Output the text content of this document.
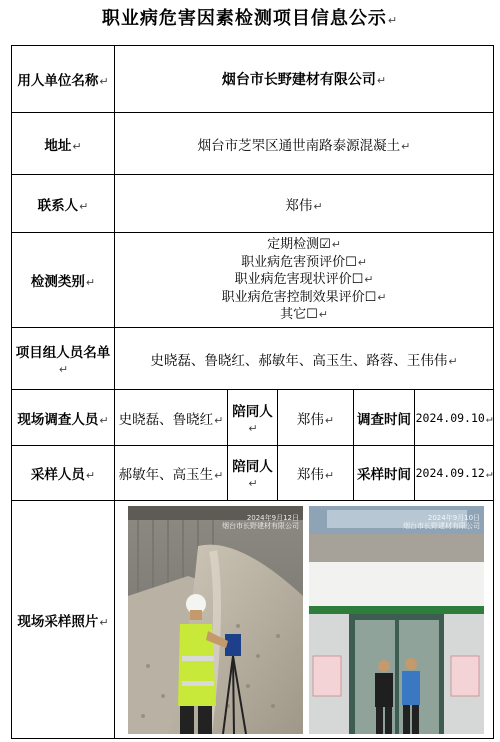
职业病危害因素检测项目信息公示↵
用人单位名称↵	烟台市长野建材有限公司↵				
地址↵	烟台市芝罘区通世南路泰源混凝土↵				
联系人↵	郑伟↵				
检测类别↵	定期检测☑↵
职业病危害预评价☐↵
职业病危害现状评价☐↵
职业病危害控制效果评价☐↵
其它☐↵				

项目组人员名单↵	史晓磊、鲁晓红、郝敏年、高玉生、路蓉、王伟伟↵				
现场调查人员↵	史晓磊、鲁晓红↵	陪同人↵	郑伟↵	调查时间	2024.09.10↵
采样人员↵	郝敏年、高玉生↵	陪同人↵	郑伟↵	采样时间	2024.09.12↵
现场采样照片↵	2024年9月12日
烟台市长野建材有限公司
2024年9月10日
烟台市长野建材有限公司				
